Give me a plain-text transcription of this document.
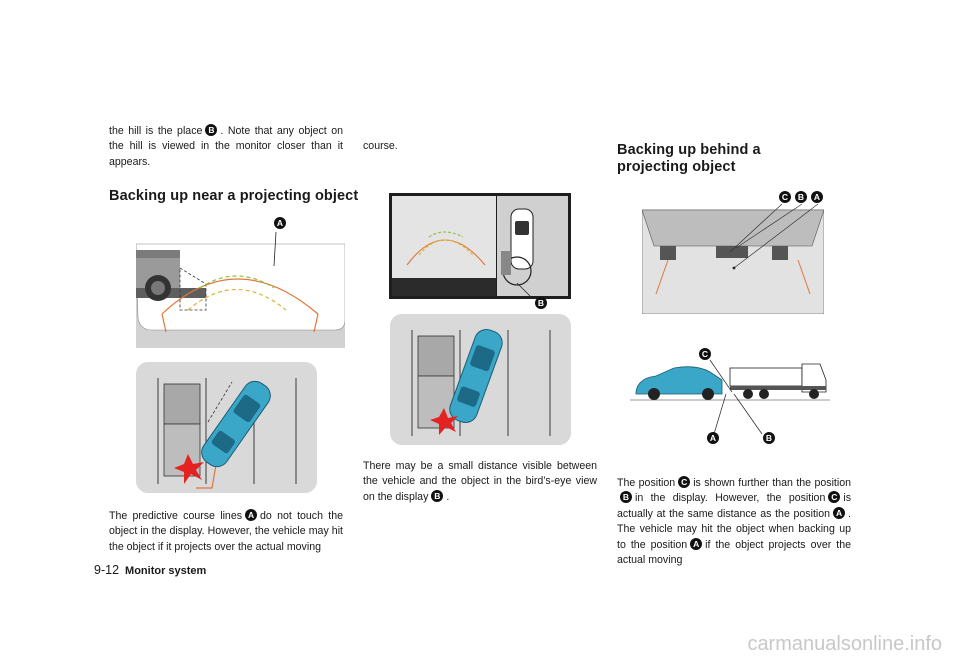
the hill is the place B . Note that any object on the hill is viewed in the monitor closer than it appears.
Backing up near a projecting object
A
The predictive course lines A do not touch the object in the display. However, the vehicle may hit the object if it projects over the actual moving
course.
B
There may be a small distance visible between the vehicle and the object in the bird’s-eye view on the display B .
Backing up behind a projecting object
C	B	A
C
A	B
The position C is shown further than the positionB in the display. However, the position C is actually at the same distance as the position A . The vehicle may hit the object when backing up to the position A if the object projects over the actual moving
9-12 Monitor system
carmanualsonline.info
